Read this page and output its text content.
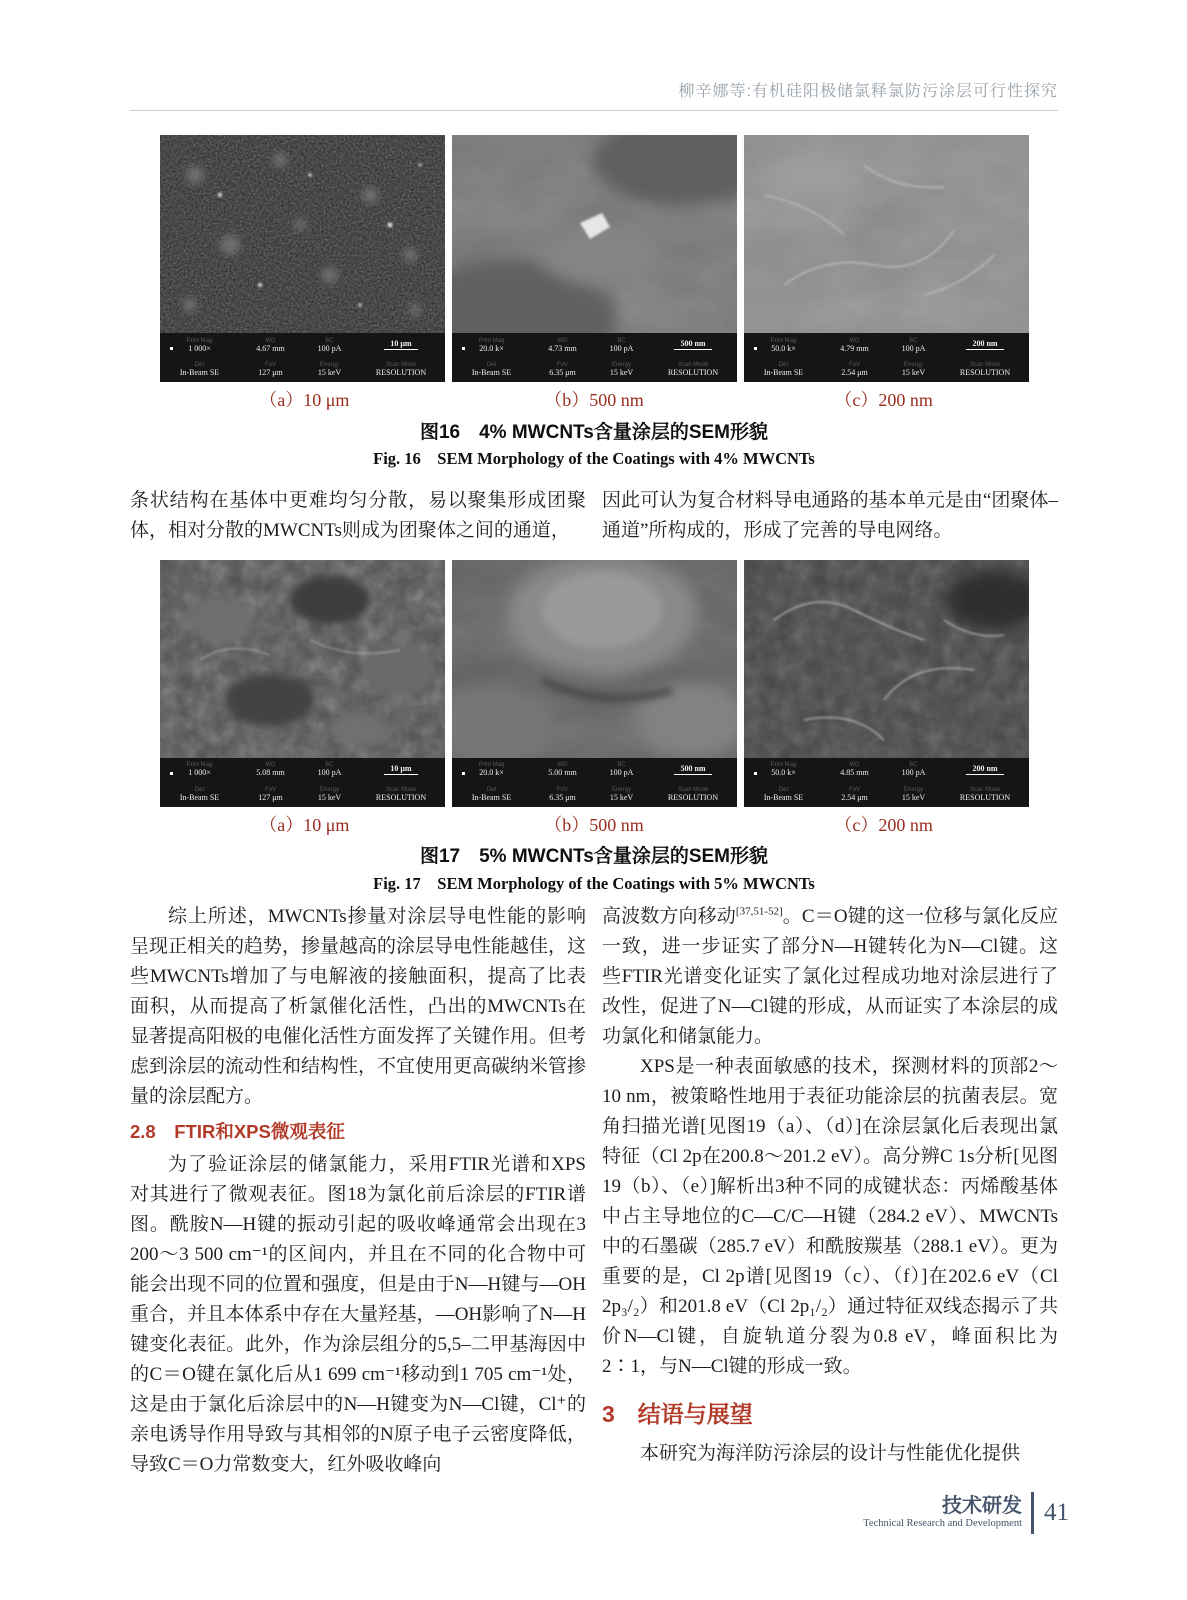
柳辛娜等:有机硅阳极储氯释氯防污涂层可行性探究
Print Mag
1 000×
WD
4.67 mm
BC
100 pA	10 μm
Det
In-Beam SE
FoV
127 μm
Energy
15 keV
Scan Mode
RESOLUTION
Print Mag
20.0 k×
WD
4.73 mm
BC
100 pA	500 nm
Det
In-Beam SE
FoV
6.35 μm
Energy
15 keV
Scan Mode
RESOLUTION
Print Mag
50.0 k×
WD
4.79 mm
BC
100 pA	200 nm
Det
In-Beam SE
FoV
2.54 μm
Energy
15 keV
Scan Mode
RESOLUTION
（a）10 μm	（b）500 nm	（c）200 nm
图16　4% MWCNTs含量涂层的SEM形貌
Fig. 16　SEM Morphology of the Coatings with 4% MWCNTs

条状结构在基体中更难均匀分散，易以聚集形成团聚体，相对分散的MWCNTs则成为团聚体之间的通道，

因此可认为复合材料导电通路的基本单元是由“团聚体–通道”所构成的，形成了完善的导电网络。

Print Mag
1 000×
WD
5.08 mm
BC
100 pA	10 μm
Det
In-Beam SE
FoV
127 μm
Energy
15 keV
Scan Mode
RESOLUTION
Print Mag
20.0 k×
WD
5.00 mm
BC
100 pA	500 nm
Det
In-Beam SE
FoV
6.35 μm
Energy
15 keV
Scan Mode
RESOLUTION
Print Mag
50.0 k×
WD
4.85 mm
BC
100 pA	200 nm
Det
In-Beam SE
FoV
2.54 μm
Energy
15 keV
Scan Mode
RESOLUTION
（a）10 μm	（b）500 nm	（c）200 nm
图17　5% MWCNTs含量涂层的SEM形貌
Fig. 17　SEM Morphology of the Coatings with 5% MWCNTs

综上所述，MWCNTs掺量对涂层导电性能的影响呈现正相关的趋势，掺量越高的涂层导电性能越佳，这些MWCNTs增加了与电解液的接触面积，提高了比表面积，从而提高了析氯催化活性，凸出的MWCNTs在显著提高阳极的电催化活性方面发挥了关键作用。但考虑到涂层的流动性和结构性，不宜使用更高碳纳米管掺量的涂层配方。

2.8　FTIR和XPS微观表征

为了验证涂层的储氯能力，采用FTIR光谱和XPS对其进行了微观表征。图18为氯化前后涂层的FTIR谱图。酰胺N—H键的振动引起的吸收峰通常会出现在3 200～3 500 cm⁻¹的区间内，并且在不同的化合物中可能会出现不同的位置和强度，但是由于N—H键与—OH重合，并且本体系中存在大量羟基，—OH影响了N—H键变化表征。此外，作为涂层组分的5,5–二甲基海因中的C＝O键在氯化后从1 699 cm⁻¹移动到1 705 cm⁻¹处，这是由于氯化后涂层中的N—H键变为N—Cl键，Cl⁺的亲电诱导作用导致与其相邻的N原子电子云密度降低，导致C＝O力常数变大，红外吸收峰向

高波数方向移动[37,51-52]。C＝O键的这一位移与氯化反应一致，进一步证实了部分N—H键转化为N—Cl键。这些FTIR光谱变化证实了氯化过程成功地对涂层进行了改性，促进了N—Cl键的形成，从而证实了本涂层的成功氯化和储氯能力。

XPS是一种表面敏感的技术，探测材料的顶部2～10 nm，被策略性地用于表征功能涂层的抗菌表层。宽角扫描光谱[见图19（a）、（d）]在涂层氯化后表现出氯特征（Cl 2p在200.8～201.2 eV）。高分辨C 1s分析[见图19（b）、（e）]解析出3种不同的成键状态：丙烯酸基体中占主导地位的C—C/C—H键（284.2 eV）、MWCNTs中的石墨碳（285.7 eV）和酰胺羰基（288.1 eV）。更为重要的是，Cl 2p谱[见图19（c）、（f）]在202.6 eV（Cl 2p₃/₂）和201.8 eV（Cl 2p₁/₂）通过特征双线态揭示了共价N—Cl键，自旋轨道分裂为0.8 eV，峰面积比为2∶1，与N—Cl键的形成一致。

3　结语与展望

本研究为海洋防污涂层的设计与性能优化提供

技术研发
Technical Research and Development 41
